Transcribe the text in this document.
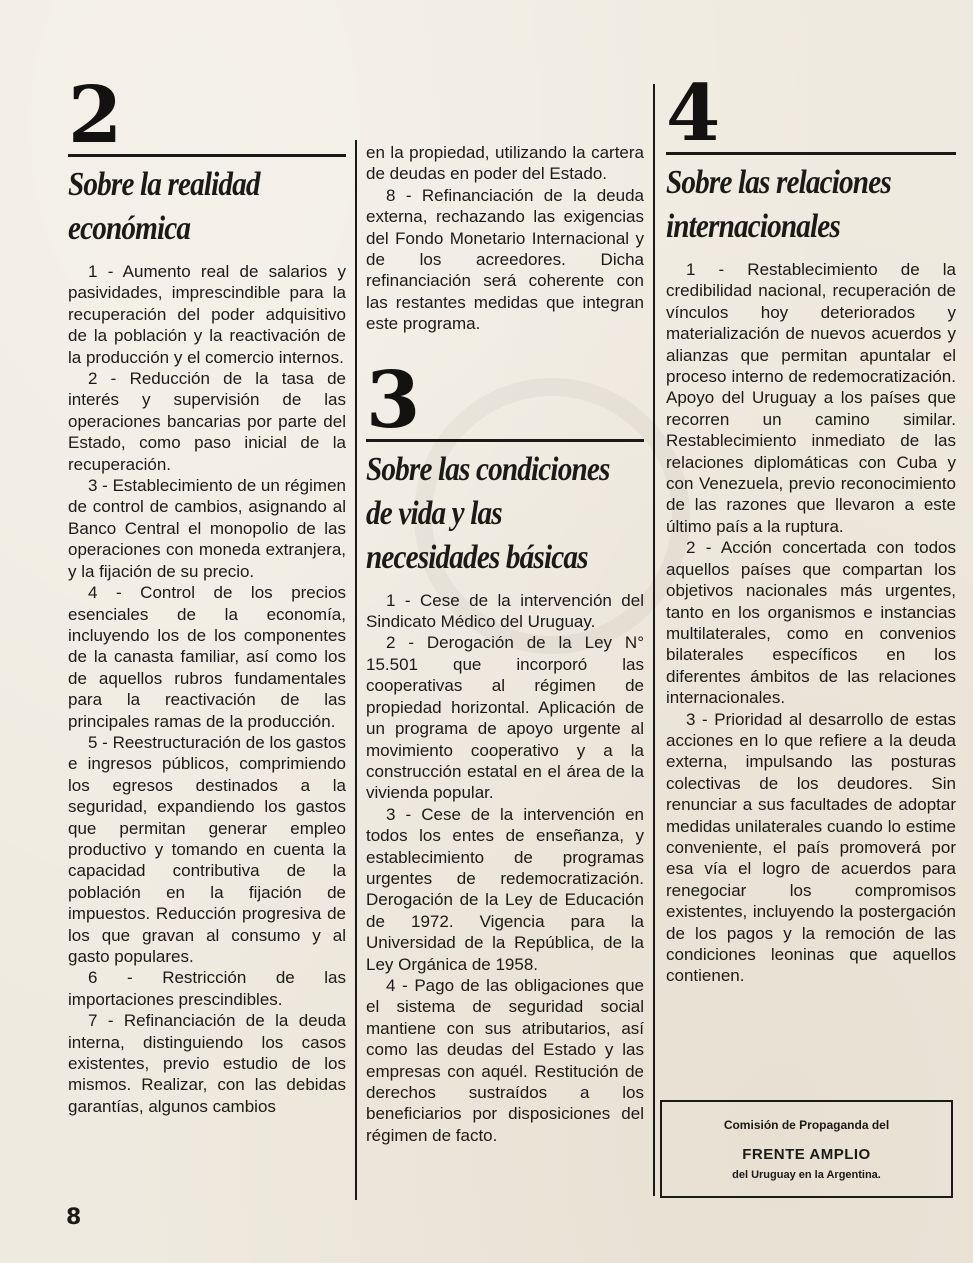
2
Sobre la realidad
económica

1 - Aumento real de salarios y pasividades, imprescindible para la recuperación del poder adquisitivo de la población y la reactivación de la producción y el comercio internos.

2 - Reducción de la tasa de interés y supervisión de las operaciones bancarias por parte del Estado, como paso inicial de la recuperación.

3 - Establecimiento de un régimen de control de cambios, asignando al Banco Central el monopolio de las operaciones con moneda extranjera, y la fijación de su precio.

4 - Control de los precios esenciales de la economía, incluyendo los de los componentes de la canasta familiar, así como los de aquellos rubros fundamentales para la reactivación de las principales ramas de la producción.

5 - Reestructuración de los gastos e ingresos públicos, comprimiendo los egresos destinados a la seguridad, expandiendo los gastos que permitan generar empleo productivo y tomando en cuenta la capacidad contributiva de la población en la fijación de impuestos. Reducción progresiva de los que gravan al consumo y al gasto populares.

6 - Restricción de las importaciones prescindibles.

7 - Refinanciación de la deuda interna, distinguiendo los casos existentes, previo estudio de los mismos. Realizar, con las debidas garantías, algunos cambios

en la propiedad, utilizando la cartera de deudas en poder del Estado.

8 - Refinanciación de la deuda externa, rechazando las exigencias del Fondo Monetario Internacional y de los acreedores. Dicha refinanciación será coherente con las restantes medidas que integran este programa.

3
Sobre las condiciones
de vida y las
necesidades básicas

1 - Cese de la intervención del Sindicato Médico del Uruguay.

2 - Derogación de la Ley N° 15.501 que incorporó las cooperativas al régimen de propiedad horizontal. Aplicación de un programa de apoyo urgente al movimiento cooperativo y a la construcción estatal en el área de la vivienda popular.

3 - Cese de la intervención en todos los entes de enseñanza, y establecimiento de programas urgentes de redemocratización. Derogación de la Ley de Educación de 1972. Vigencia para la Universidad de la República, de la Ley Orgánica de 1958.

4 - Pago de las obligaciones que el sistema de seguridad social mantiene con sus atributarios, así como las deudas del Estado y las empresas con aquél. Restitución de derechos sustraídos a los beneficiarios por disposiciones del régimen de facto.

4
Sobre las relaciones
internacionales

1 - Restablecimiento de la credibilidad nacional, recuperación de vínculos hoy deteriorados y materialización de nuevos acuerdos y alianzas que permitan apuntalar el proceso interno de redemocratización. Apoyo del Uruguay a los países que recorren un camino similar. Restablecimiento inmediato de las relaciones diplomáticas con Cuba y con Venezuela, previo reconocimiento de las razones que llevaron a este último país a la ruptura.

2 - Acción concertada con todos aquellos países que compartan los objetivos nacionales más urgentes, tanto en los organismos e instancias multilaterales, como en convenios bilaterales específicos en los diferentes ámbitos de las relaciones internacionales.

3 - Prioridad al desarrollo de estas acciones en lo que refiere a la deuda externa, impulsando las posturas colectivas de los deudores. Sin renunciar a sus facultades de adoptar medidas unilaterales cuando lo estime conveniente, el país promoverá por esa vía el logro de acuerdos para renegociar los compromisos existentes, incluyendo la postergación de los pagos y la remoción de las condiciones leoninas que aquellos contienen.

Comisión de Propaganda del
FRENTE AMPLIO
del Uruguay en la Argentina.
8
